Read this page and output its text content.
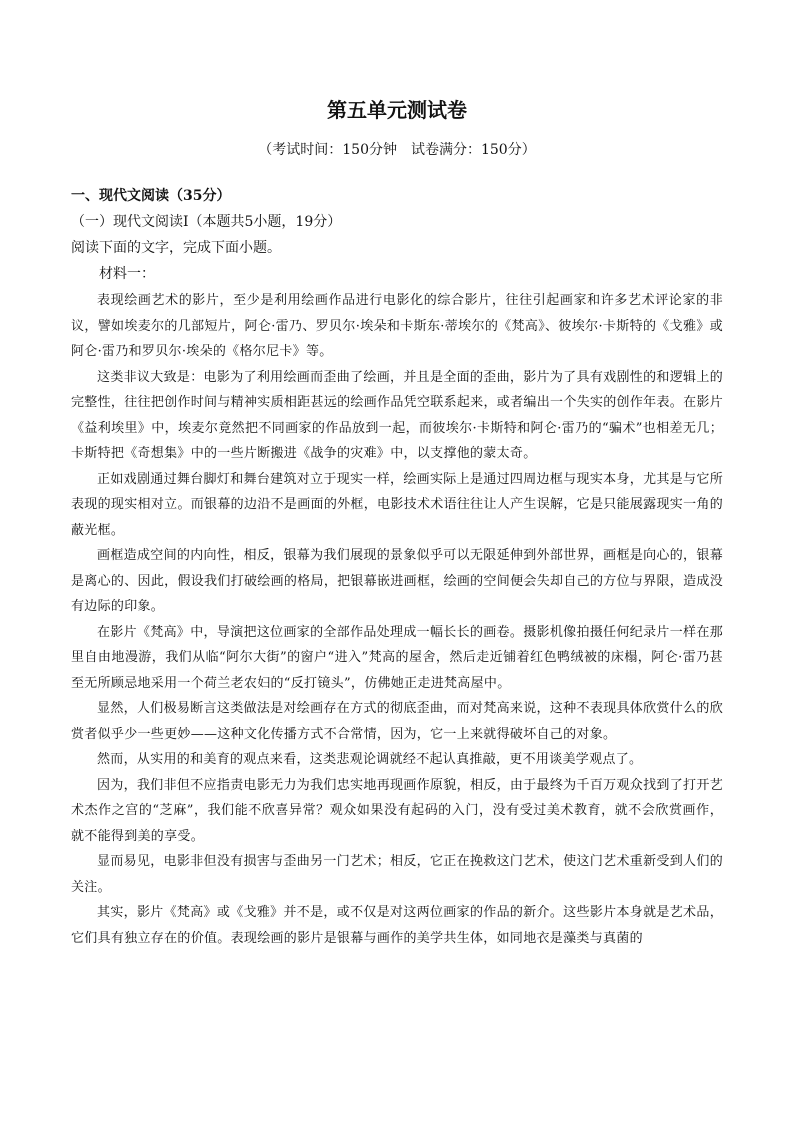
第五单元测试卷
（考试时间：150分钟　试卷满分：150分）
一、现代文阅读（35分）
（一）现代文阅读Ⅰ（本题共5小题，19分）
阅读下面的文字，完成下面小题。
材料一：

表现绘画艺术的影片，至少是利用绘画作品进行电影化的综合影片，往往引起画家和许多艺术评论家的非议，譬如埃麦尔的几部短片，阿仑·雷乃、罗贝尔·埃朵和卡斯东·蒂埃尔的《梵高》、彼埃尔·卡斯特的《戈雅》或阿仑·雷乃和罗贝尔·埃朵的《格尔尼卡》等。

这类非议大致是：电影为了利用绘画而歪曲了绘画，并且是全面的歪曲，影片为了具有戏剧性的和逻辑上的完整性，往往把创作时间与精神实质相距甚远的绘画作品凭空联系起来，或者编出一个失实的创作年表。在影片《益利埃里》中，埃麦尔竟然把不同画家的作品放到一起，而彼埃尔·卡斯特和阿仑·雷乃的“骗术”也相差无几；卡斯特把《奇想集》中的一些片断搬进《战争的灾难》中，以支撑他的蒙太奇。

正如戏剧通过舞台脚灯和舞台建筑对立于现实一样，绘画实际上是通过四周边框与现实本身，尤其是与它所表现的现实相对立。而银幕的边沿不是画面的外框，电影技术术语往往让人产生误解，它是只能展露现实一角的蔽光框。

画框造成空间的内向性，相反，银幕为我们展现的景象似乎可以无限延伸到外部世界，画框是向心的，银幕是离心的、因此，假设我们打破绘画的格局，把银幕嵌进画框，绘画的空间便会失却自己的方位与界限，造成没有边际的印象。

在影片《梵高》中，导演把这位画家的全部作品处理成一幅长长的画卷。摄影机像拍摄任何纪录片一样在那里自由地漫游，我们从临“阿尔大街”的窗户“进入”梵高的屋舍，然后走近铺着红色鸭绒被的床榻，阿仑·雷乃甚至无所顾忌地采用一个荷兰老农妇的“反打镜头”，仿佛她正走进梵高屋中。

显然，人们极易断言这类做法是对绘画存在方式的彻底歪曲，而对梵高来说，这种不表现具体欣赏什么的欣赏者似乎少一些更妙——这种文化传播方式不合常情，因为，它一上来就得破坏自己的对象。

然而，从实用的和美育的观点来看，这类悲观论调就经不起认真推敲，更不用谈美学观点了。

因为，我们非但不应指责电影无力为我们忠实地再现画作原貌，相反，由于最终为千百万观众找到了打开艺术杰作之宫的“芝麻”，我们能不欣喜异常？观众如果没有起码的入门，没有受过美术教育，就不会欣赏画作，就不能得到美的享受。

显而易见，电影非但没有损害与歪曲另一门艺术；相反，它正在挽救这门艺术，使这门艺术重新受到人们的关注。

其实，影片《梵高》或《戈雅》并不是，或不仅是对这两位画家的作品的新介。这些影片本身就是艺术品，它们具有独立存在的价值。表现绘画的影片是银幕与画作的美学共生体，如同地衣是藻类与真菌的
